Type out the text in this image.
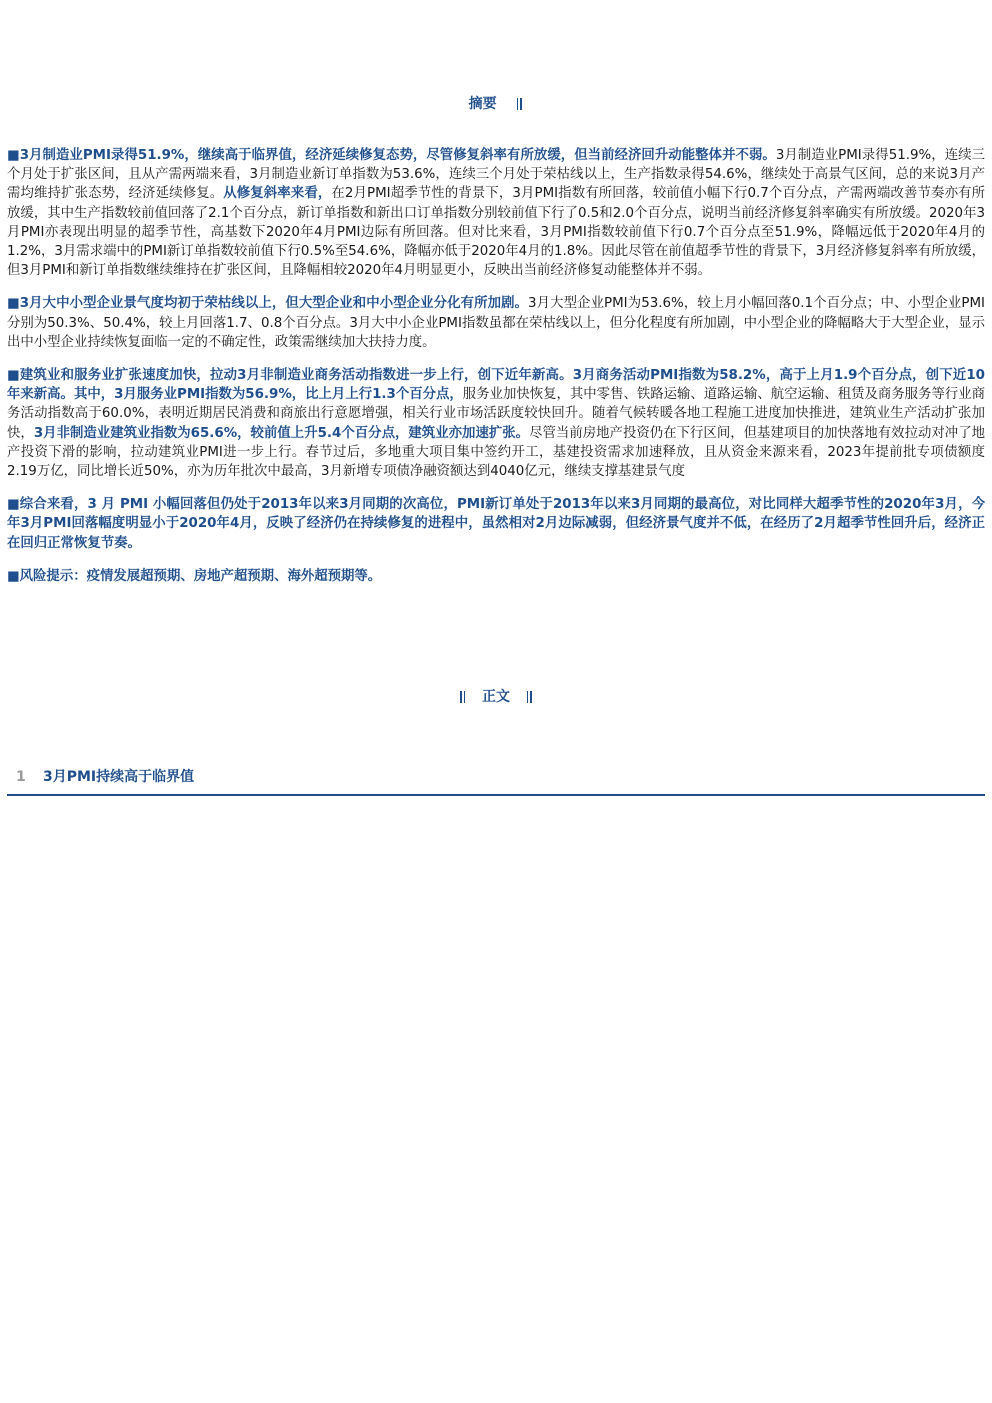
摘要

■3月制造业PMI录得51.9%，继续高于临界值，经济延续修复态势，尽管修复斜率有所放缓，但当前经济回升动能整体并不弱。3月制造业PMI录得51.9%，连续三个月处于扩张区间，且从产需两端来看，3月制造业新订单指数为53.6%，连续三个月处于荣枯线以上，生产指数录得54.6%，继续处于高景气区间，总的来说3月产需均维持扩张态势，经济延续修复。从修复斜率来看，在2月PMI超季节性的背景下，3月PMI指数有所回落，较前值小幅下行0.7个百分点，产需两端改善节奏亦有所放缓，其中生产指数较前值回落了2.1个百分点，新订单指数和新出口订单指数分别较前值下行了0.5和2.0个百分点，说明当前经济修复斜率确实有所放缓。2020年3月PMI亦表现出明显的超季节性，高基数下2020年4月PMI边际有所回落。但对比来看，3月PMI指数较前值下行0.7个百分点至51.9%，降幅远低于2020年4月的1.2%，3月需求端中的PMI新订单指数较前值下行0.5%至54.6%，降幅亦低于2020年4月的1.8%。因此尽管在前值超季节性的背景下，3月经济修复斜率有所放缓，但3月PMI和新订单指数继续维持在扩张区间，且降幅相较2020年4月明显更小，反映出当前经济修复动能整体并不弱。

■3月大中小型企业景气度均初于荣枯线以上，但大型企业和中小型企业分化有所加剧。3月大型企业PMI为53.6%，较上月小幅回落0.1个百分点；中、小型企业PMI分别为50.3%、50.4%，较上月回落1.7、0.8个百分点。3月大中小企业PMI指数虽都在荣枯线以上，但分化程度有所加剧，中小型企业的降幅略大于大型企业，显示出中小型企业持续恢复面临一定的不确定性，政策需继续加大扶持力度。

■建筑业和服务业扩张速度加快，拉动3月非制造业商务活动指数进一步上行，创下近年新高。3月商务活动PMI指数为58.2%，高于上月1.9个百分点，创下近10年来新高。其中，3月服务业PMI指数为56.9%，比上月上行1.3个百分点，服务业加快恢复，其中零售、铁路运输、道路运输、航空运输、租赁及商务服务等行业商务活动指数高于60.0%，表明近期居民消费和商旅出行意愿增强，相关行业市场活跃度较快回升。随着气候转暖各地工程施工进度加快推进，建筑业生产活动扩张加快，3月非制造业建筑业指数为65.6%，较前值上升5.4个百分点，建筑业亦加速扩张。尽管当前房地产投资仍在下行区间，但基建项目的加快落地有效拉动对冲了地产投资下滑的影响，拉动建筑业PMI进一步上行。春节过后，多地重大项目集中签约开工，基建投资需求加速释放，且从资金来源来看，2023年提前批专项债额度2.19万亿，同比增长近50%，亦为历年批次中最高，3月新增专项债净融资额达到4040亿元，继续支撑基建景气度

■综合来看，3 月 PMI 小幅回落但仍处于2013年以来3月同期的次高位，PMI新订单处于2013年以来3月同期的最高位，对比同样大超季节性的2020年3月，今年3月PMI回落幅度明显小于2020年4月，反映了经济仍在持续修复的进程中，虽然相对2月边际减弱，但经济景气度并不低，在经历了2月超季节性回升后，经济正在回归正常恢复节奏。

■风险提示：疫情发展超预期、房地产超预期、海外超预期等。

正文
1 3月PMI持续高于临界值
